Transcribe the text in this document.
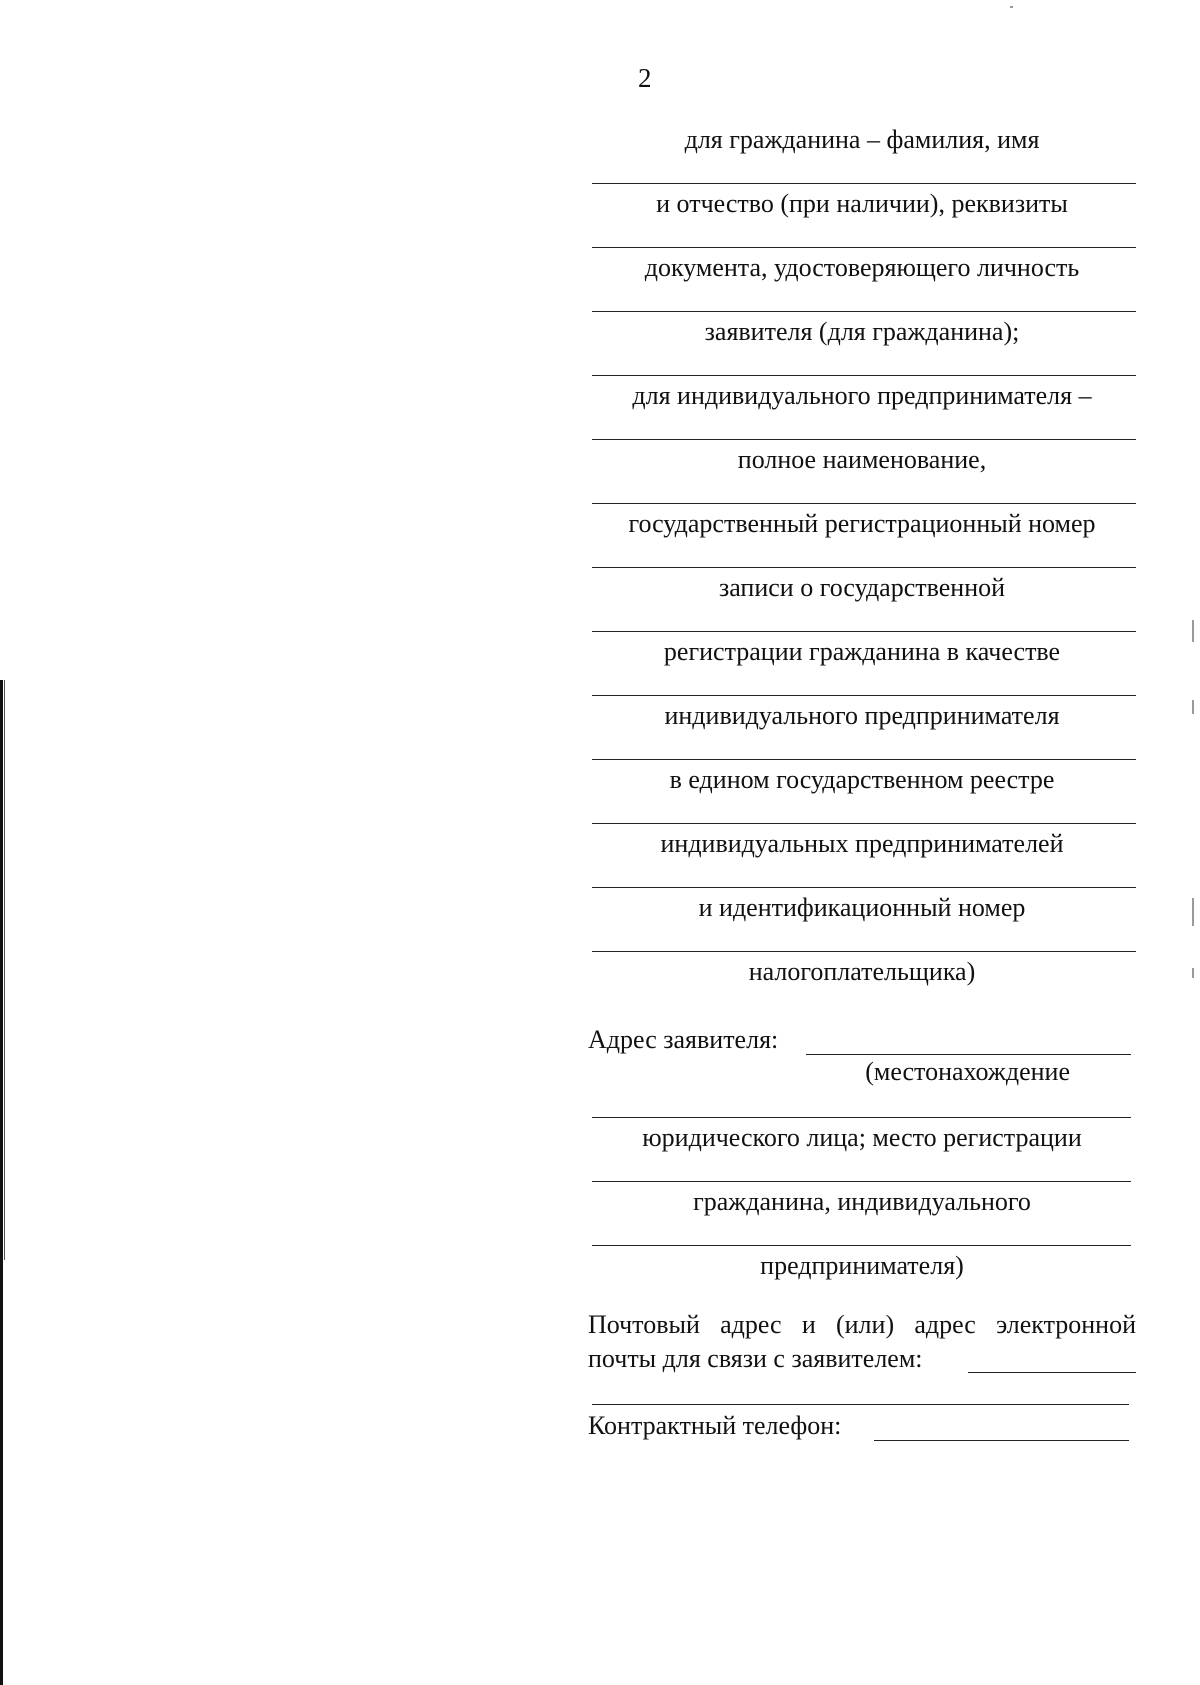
2
для гражданина – фамилия, имя
и отчество (при наличии), реквизиты
документа, удостоверяющего личность
заявителя (для гражданина);
для индивидуального предпринимателя –
полное наименование,
государственный регистрационный номер
записи о государственной
регистрации гражданина в качестве
индивидуального предпринимателя
в едином государственном реестре
индивидуальных предпринимателей
и идентификационный номер
налогоплательщика)
Адрес заявителя:
(местонахождение
юридического лица; место регистрации
гражданина, индивидуального
предпринимателя)
Почтовый адрес и (или) адрес электронной
почты для связи с заявителем:
Контрактный телефон:
